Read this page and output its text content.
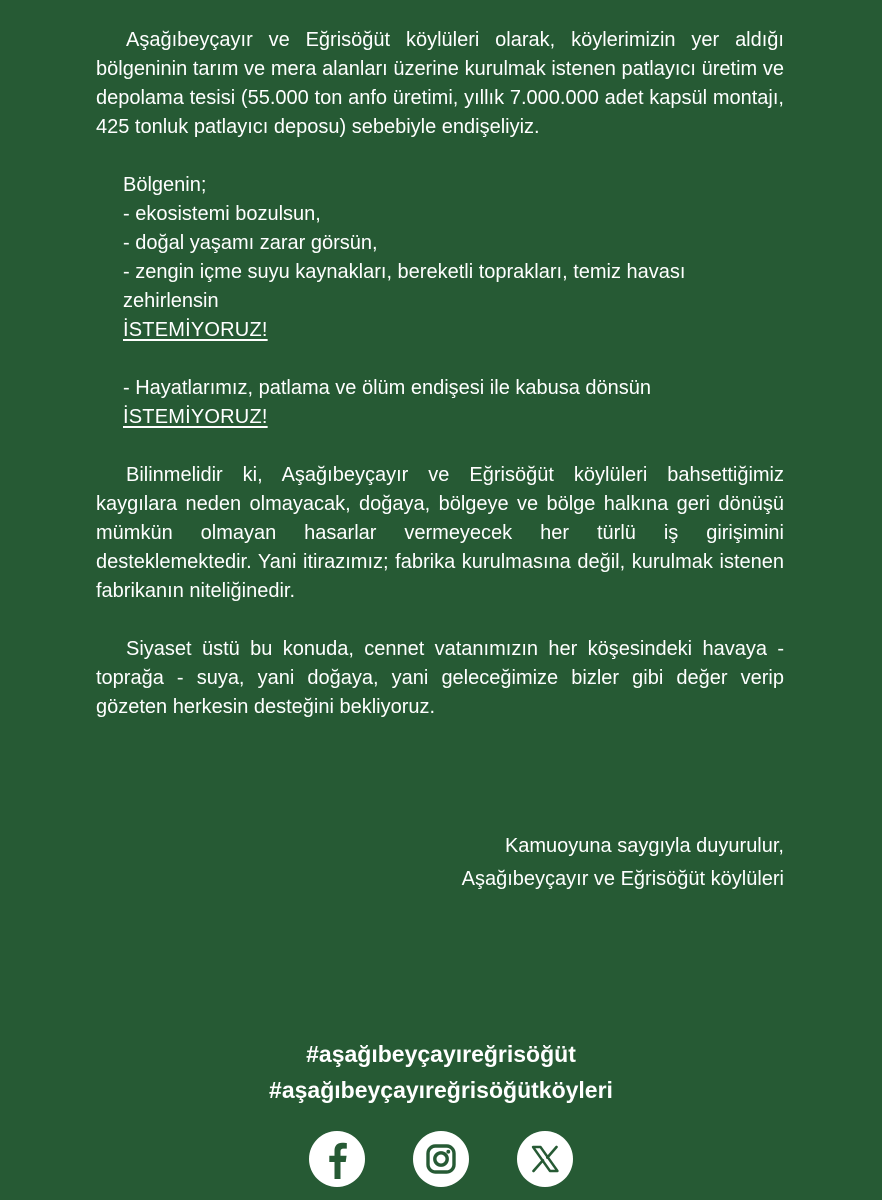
Aşağıbeyçayır ve Eğrisöğüt köylüleri olarak, köylerimizin yer aldığı bölgeninin tarım ve mera alanları üzerine kurulmak istenen patlayıcı üretim ve depolama tesisi (55.000 ton anfo üretimi, yıllık 7.000.000 adet kapsül montajı, 425 tonluk patlayıcı deposu) sebebiyle endişeliyiz.

Bölgenin;
- ekosistemi bozulsun,
- doğal yaşamı zarar görsün,
- zengin içme suyu kaynakları, bereketli toprakları, temiz havası zehirlensin
İSTEMİYORUZ!
- Hayatlarımız, patlama ve ölüm endişesi ile kabusa dönsün
İSTEMİYORUZ!

Bilinmelidir ki, Aşağıbeyçayır ve Eğrisöğüt köylüleri bahsettiğimiz kaygılara neden olmayacak, doğaya, bölgeye ve bölge halkına geri dönüşü mümkün olmayan hasarlar vermeyecek her türlü iş girişimini desteklemektedir. Yani itirazımız; fabrika kurulmasına değil, kurulmak istenen fabrikanın niteliğinedir.

Siyaset üstü bu konuda, cennet vatanımızın her köşesindeki havaya - toprağa - suya, yani doğaya, yani geleceğimize bizler gibi değer verip gözeten herkesin desteğini bekliyoruz.

Kamuoyuna saygıyla duyurulur,
Aşağıbeyçayır ve Eğrisöğüt köylüleri
#aşağıbeyçayıreğrisöğüt
#aşağıbeyçayıreğrisöğütköyleri
